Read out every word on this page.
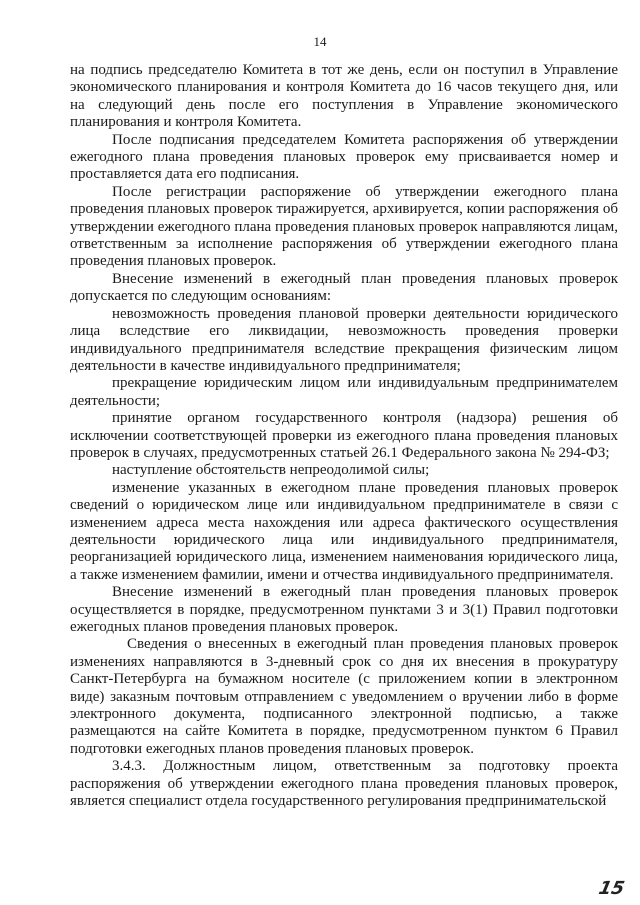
14

на подпись председателю Комитета в тот же день, если он поступил в Управление экономического планирования и контроля Комитета до 16 часов текущего дня, или на следующий день после его поступления в Управление экономического планирования и контроля Комитета.

После подписания председателем Комитета распоряжения об утверждении ежегодного плана проведения плановых проверок ему присваивается номер и проставляется дата его подписания.

После регистрации распоряжение об утверждении ежегодного плана проведения плановых проверок тиражируется, архивируется, копии распоряжения об утверждении ежегодного плана проведения плановых проверок направляются лицам, ответственным за исполнение распоряжения об утверждении ежегодного плана проведения плановых проверок.

Внесение изменений в ежегодный план проведения плановых проверок допускается по следующим основаниям:

невозможность проведения плановой проверки деятельности юридического лица вследствие его ликвидации, невозможность проведения проверки индивидуального предпринимателя вследствие прекращения физическим лицом деятельности в качестве индивидуального предпринимателя;

прекращение юридическим лицом или индивидуальным предпринимателем деятельности;

принятие органом государственного контроля (надзора) решения об исключении соответствующей проверки из ежегодного плана проведения плановых проверок в случаях, предусмотренных статьей 26.1 Федерального закона № 294-ФЗ;

наступление обстоятельств непреодолимой силы;

изменение указанных в ежегодном плане проведения плановых проверок сведений о юридическом лице или индивидуальном предпринимателе в связи с изменением адреса места нахождения или адреса фактического осуществления деятельности юридического лица или индивидуального предпринимателя, реорганизацией юридического лица, изменением наименования юридического лица, а также изменением фамилии, имени и отчества индивидуального предпринимателя.

Внесение изменений в ежегодный план проведения плановых проверок осуществляется в порядке, предусмотренном пунктами 3 и 3(1) Правил подготовки ежегодных планов проведения плановых проверок.

Сведения о внесенных в ежегодный план проведения плановых проверок изменениях направляются в 3-дневный срок со дня их внесения в прокуратуру Санкт-Петербурга на бумажном носителе (с приложением копии в электронном виде) заказным почтовым отправлением с уведомлением о вручении либо в форме электронного документа, подписанного электронной подписью, а также размещаются на сайте Комитета в порядке, предусмотренном пунктом 6 Правил подготовки ежегодных планов проведения плановых проверок.

3.4.3. Должностным лицом, ответственным за подготовку проекта распоряжения об утверждении ежегодного плана проведения плановых проверок, является специалист отдела государственного регулирования предпринимательской

15
